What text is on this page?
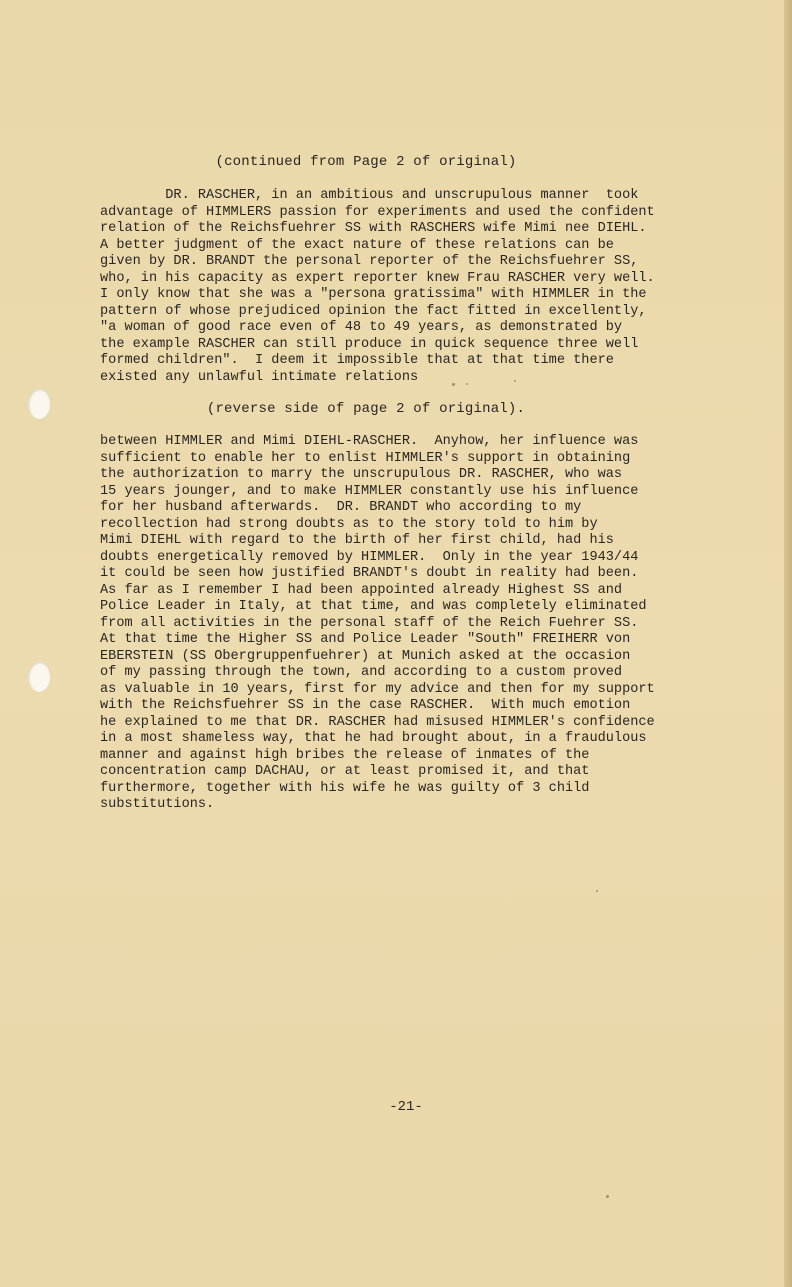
(continued from Page 2 of original)
DR. RASCHER, in an ambitious and unscrupulous manner  took
advantage of HIMMLERS passion for experiments and used the confident
relation of the Reichsfuehrer SS with RASCHERS wife Mimi nee DIEHL.
A better judgment of the exact nature of these relations can be
given by DR. BRANDT the personal reporter of the Reichsfuehrer SS,
who, in his capacity as expert reporter knew Frau RASCHER very well.
I only know that she was a "persona gratissima" with HIMMLER in the
pattern of whose prejudiced opinion the fact fitted in excellently,
"a woman of good race even of 48 to 49 years, as demonstrated by
the example RASCHER can still produce in quick sequence three well
formed children".  I deem it impossible that at that time there
existed any unlawful intimate relations
(reverse side of page 2 of original).
between HIMMLER and Mimi DIEHL-RASCHER.  Anyhow, her influence was
sufficient to enable her to enlist HIMMLER's support in obtaining
the authorization to marry the unscrupulous DR. RASCHER, who was
15 years jounger, and to make HIMMLER constantly use his influence
for her husband afterwards.  DR. BRANDT who according to my
recollection had strong doubts as to the story told to him by
Mimi DIEHL with regard to the birth of her first child, had his
doubts energetically removed by HIMMLER.  Only in the year 1943/44
it could be seen how justified BRANDT's doubt in reality had been.
As far as I remember I had been appointed already Highest SS and
Police Leader in Italy, at that time, and was completely eliminated
from all activities in the personal staff of the Reich Fuehrer SS.
At that time the Higher SS and Police Leader "South" FREIHERR von
EBERSTEIN (SS Obergruppenfuehrer) at Munich asked at the occasion
of my passing through the town, and according to a custom proved
as valuable in 10 years, first for my advice and then for my support
with the Reichsfuehrer SS in the case RASCHER.  With much emotion
he explained to me that DR. RASCHER had misused HIMMLER's confidence
in a most shameless way, that he had brought about, in a fraudulous
manner and against high bribes the release of inmates of the
concentration camp DACHAU, or at least promised it, and that
furthermore, together with his wife he was guilty of 3 child
substitutions.
-21-
